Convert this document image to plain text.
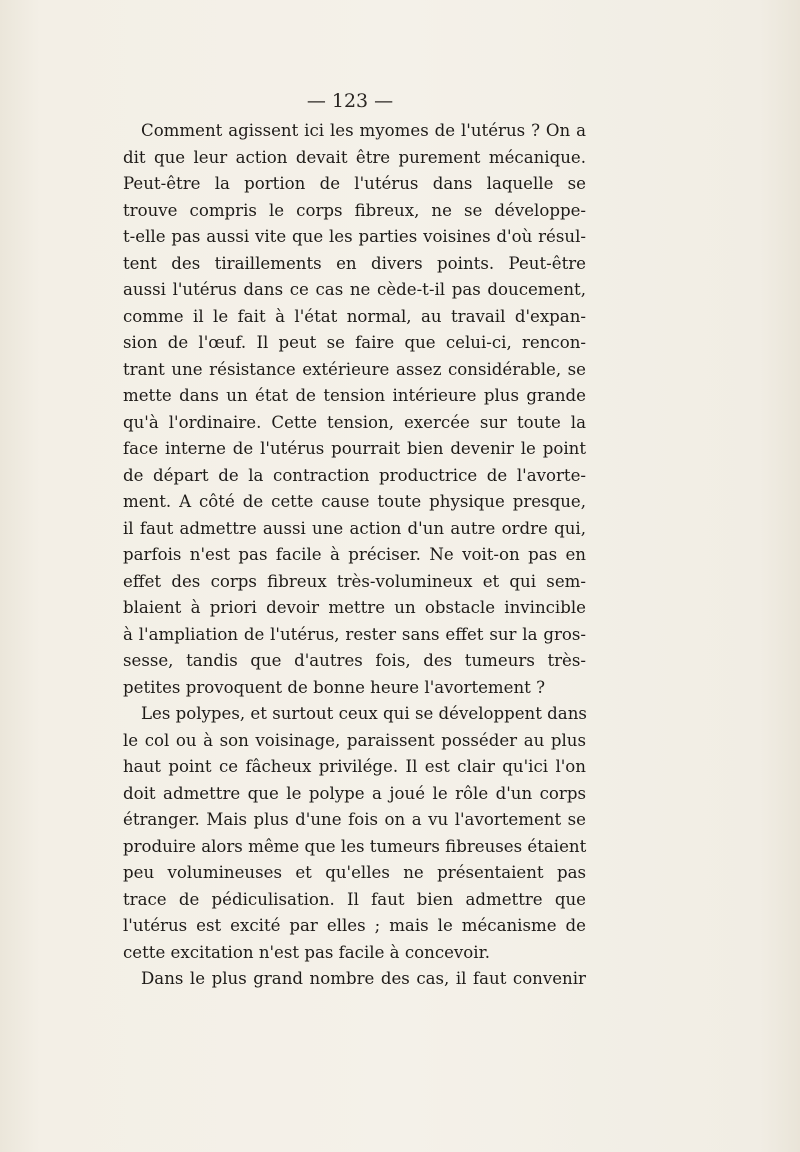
— 123 —
Comment agissent ici les myomes de l'utérus ? On a
dit que leur action devait être purement mécanique.
Peut-être la portion de l'utérus dans laquelle se
trouve compris le corps fibreux, ne se développe-
t-elle pas aussi vite que les parties voisines d'où résul-
tent des tiraillements en divers points. Peut-être
aussi l'utérus dans ce cas ne cède-t-il pas doucement,
comme il le fait à l'état normal, au travail d'expan-
sion de l'œuf. Il peut se faire que celui-ci, rencon-
trant une résistance extérieure assez considérable, se
mette dans un état de tension intérieure plus grande
qu'à l'ordinaire. Cette tension, exercée sur toute la
face interne de l'utérus pourrait bien devenir le point
de départ de la contraction productrice de l'avorte-
ment. A côté de cette cause toute physique presque,
il faut admettre aussi une action d'un autre ordre qui,
parfois n'est pas facile à préciser. Ne voit-on pas en
effet des corps fibreux très-volumineux et qui sem-
blaient à priori devoir mettre un obstacle invincible
à l'ampliation de l'utérus, rester sans effet sur la gros-
sesse, tandis que d'autres fois, des tumeurs très-
petites provoquent de bonne heure l'avortement ?
Les polypes, et surtout ceux qui se développent dans
le col ou à son voisinage, paraissent posséder au plus
haut point ce fâcheux privilége. Il est clair qu'ici l'on
doit admettre que le polype a joué le rôle d'un corps
étranger. Mais plus d'une fois on a vu l'avortement se
produire alors même que les tumeurs fibreuses étaient
peu volumineuses et qu'elles ne présentaient pas
trace de pédiculisation. Il faut bien admettre que
l'utérus est excité par elles ; mais le mécanisme de
cette excitation n'est pas facile à concevoir.
Dans le plus grand nombre des cas, il faut convenir
